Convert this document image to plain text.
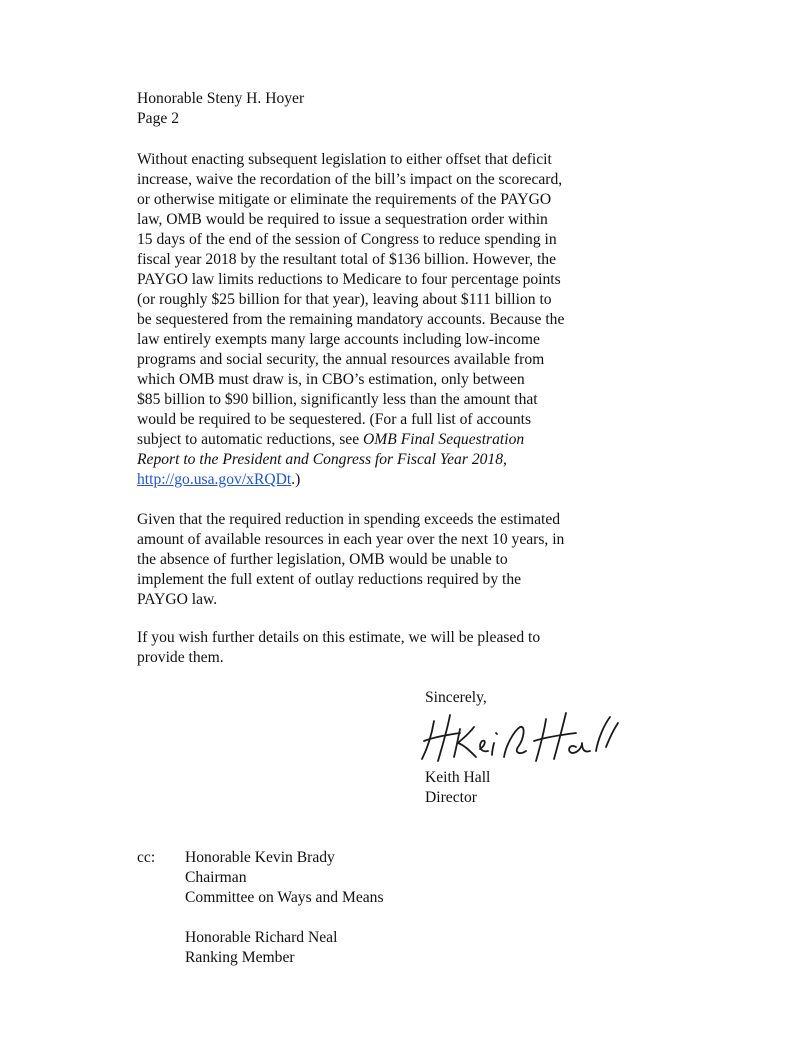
Honorable Steny H. Hoyer
Page 2
Without enacting subsequent legislation to either offset that deficit
increase, waive the recordation of the bill’s impact on the scorecard,
or otherwise mitigate or eliminate the requirements of the PAYGO
law, OMB would be required to issue a sequestration order within
15 days of the end of the session of Congress to reduce spending in
fiscal year 2018 by the resultant total of $136 billion. However, the
PAYGO law limits reductions to Medicare to four percentage points
(or roughly $25 billion for that year), leaving about $111 billion to
be sequestered from the remaining mandatory accounts. Because the
law entirely exempts many large accounts including low-income
programs and social security, the annual resources available from
which OMB must draw is, in CBO’s estimation, only between
$85 billion to $90 billion, significantly less than the amount that
would be required to be sequestered. (For a full list of accounts
subject to automatic reductions, see OMB Final Sequestration
Report to the President and Congress for Fiscal Year 2018,
http://go.usa.gov/xRQDt.)
Given that the required reduction in spending exceeds the estimated
amount of available resources in each year over the next 10 years, in
the absence of further legislation, OMB would be unable to
implement the full extent of outlay reductions required by the
PAYGO law.
If you wish further details on this estimate, we will be pleased to
provide them.
Sincerely,
Keith Hall
Director
cc: Honorable Kevin Brady
Chairman
Committee on Ways and Means
Honorable Richard Neal
Ranking Member
